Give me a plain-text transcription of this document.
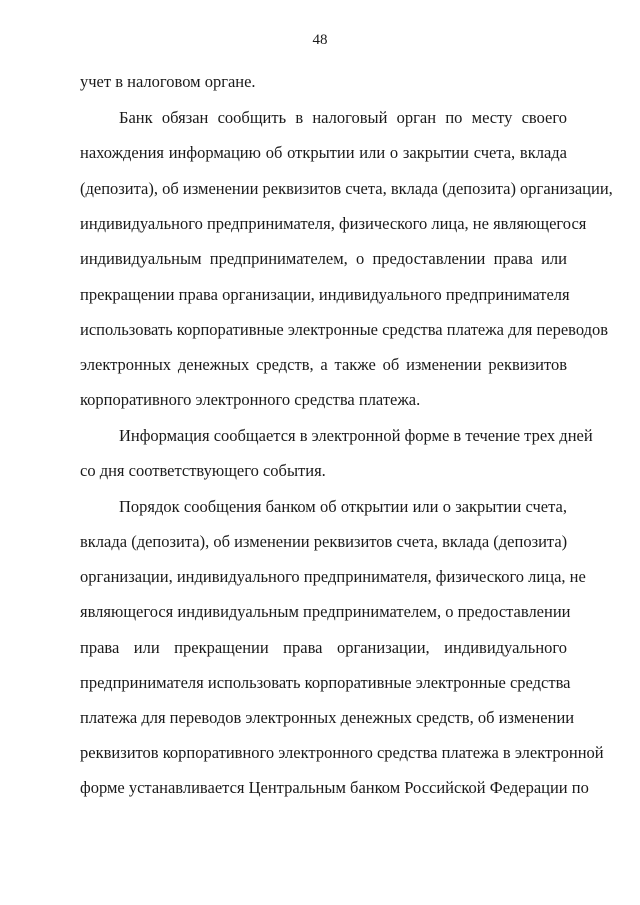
48
учет в налоговом органе.
Банк обязан сообщить в налоговый орган по месту своего
нахождения информацию об открытии или о закрытии счета, вклада
(депозита), об изменении реквизитов счета, вклада (депозита) организации,
индивидуального предпринимателя, физического лица, не являющегося
индивидуальным предпринимателем, о предоставлении права или
прекращении права организации, индивидуального предпринимателя
использовать корпоративные электронные средства платежа для переводов
электронных денежных средств, а также об изменении реквизитов
корпоративного электронного средства платежа.
Информация сообщается в электронной форме в течение трех дней
со дня соответствующего события.
Порядок сообщения банком об открытии или о закрытии счета,
вклада (депозита), об изменении реквизитов счета, вклада (депозита)
организации, индивидуального предпринимателя, физического лица, не
являющегося индивидуальным предпринимателем, о предоставлении
права или прекращении права организации, индивидуального
предпринимателя использовать корпоративные электронные средства
платежа для переводов электронных денежных средств, об изменении
реквизитов корпоративного электронного средства платежа в электронной
форме устанавливается Центральным банком Российской Федерации по
